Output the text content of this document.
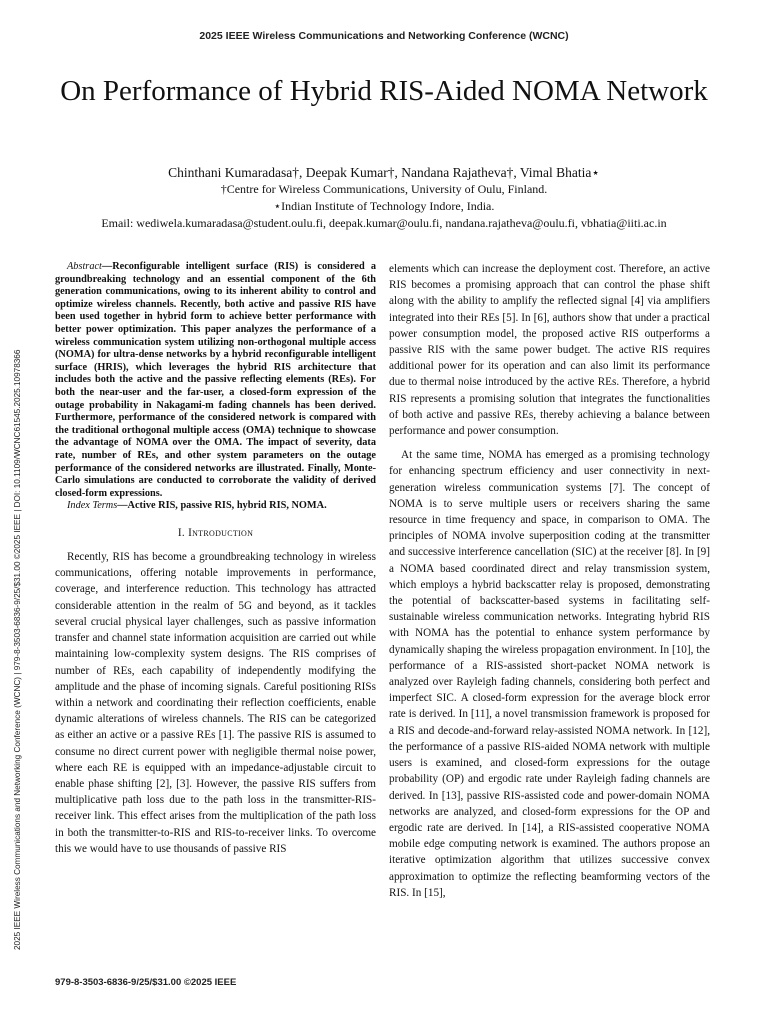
2025 IEEE Wireless Communications and Networking Conference (WCNC)
On Performance of Hybrid RIS-Aided NOMA Network
Chinthani Kumaradasa†, Deepak Kumar†, Nandana Rajatheva†, Vimal Bhatia⋆
†Centre for Wireless Communications, University of Oulu, Finland.
⋆Indian Institute of Technology Indore, India.
Email: wediwela.kumaradasa@student.oulu.fi, deepak.kumar@oulu.fi, nandana.rajatheva@oulu.fi, vbhatia@iiti.ac.in
2025 IEEE Wireless Communications and Networking Conference (WCNC) | 979-8-3503-6836-9/25/$31.00 ©2025 IEEE | DOI: 10.1109/WCNC61545.2025.10978366

Abstract—Reconfigurable intelligent surface (RIS) is considered a groundbreaking technology and an essential component of the 6th generation communications, owing to its inherent ability to control and optimize wireless channels. Recently, both active and passive RIS have been used together in hybrid form to achieve better performance with better power optimization. This paper analyzes the performance of a wireless communication system utilizing non-orthogonal multiple access (NOMA) for ultra-dense networks by a hybrid reconfigurable intelligent surface (HRIS), which leverages the hybrid RIS architecture that includes both the active and the passive reflecting elements (REs). For both the near-user and the far-user, a closed-form expression of the outage probability in Nakagami-m fading channels has been derived. Furthermore, performance of the considered network is compared with the traditional orthogonal multiple access (OMA) technique to showcase the advantage of NOMA over the OMA. The impact of severity, data rate, number of REs, and other system parameters on the outage performance of the considered networks are illustrated. Finally, Monte-Carlo simulations are conducted to corroborate the validity of derived closed-form expressions.

Index Terms—Active RIS, passive RIS, hybrid RIS, NOMA.

I. Introduction

Recently, RIS has become a groundbreaking technology in wireless communications, offering notable improvements in performance, coverage, and interference reduction. This technology has attracted considerable attention in the realm of 5G and beyond, as it tackles several crucial physical layer challenges, such as passive information transfer and channel state information acquisition are carried out while maintaining low-complexity system designs. The RIS comprises of number of REs, each capability of independently modifying the amplitude and the phase of incoming signals. Careful positioning RISs within a network and coordinating their reflection coefficients, enable dynamic alterations of wireless channels. The RIS can be categorized as either an active or a passive REs [1]. The passive RIS is assumed to consume no direct current power with negligible thermal noise power, where each RE is equipped with an impedance-adjustable circuit to enable phase shifting [2], [3]. However, the passive RIS suffers from multiplicative path loss due to the path loss in the transmitter-RIS-receiver link. This effect arises from the multiplication of the path loss in both the transmitter-to-RIS and RIS-to-receiver links. To overcome this we would have to use thousands of passive RIS

elements which can increase the deployment cost. Therefore, an active RIS becomes a promising approach that can control the phase shift along with the ability to amplify the reflected signal [4] via amplifiers integrated into their REs [5]. In [6], authors show that under a practical power consumption model, the proposed active RIS outperforms a passive RIS with the same power budget. The active RIS requires additional power for its operation and can also limit its performance due to thermal noise introduced by the active REs. Therefore, a hybrid RIS represents a promising solution that integrates the functionalities of both active and passive REs, thereby achieving a balance between performance and power consumption.

At the same time, NOMA has emerged as a promising technology for enhancing spectrum efficiency and user connectivity in next-generation wireless communication systems [7]. The concept of NOMA is to serve multiple users or receivers sharing the same resource in time frequency and space, in comparison to OMA. The principles of NOMA involve superposition coding at the transmitter and successive interference cancellation (SIC) at the receiver [8]. In [9] a NOMA based coordinated direct and relay transmission system, which employs a hybrid backscatter relay is proposed, demonstrating the potential of backscatter-based systems in facilitating self-sustainable wireless communication networks. Integrating hybrid RIS with NOMA has the potential to enhance system performance by dynamically shaping the wireless propagation environment. In [10], the performance of a RIS-assisted short-packet NOMA network is analyzed over Rayleigh fading channels, considering both perfect and imperfect SIC. A closed-form expression for the average block error rate is derived. In [11], a novel transmission framework is proposed for a RIS and decode-and-forward relay-assisted NOMA network. In [12], the performance of a passive RIS-aided NOMA network with multiple users is examined, and closed-form expressions for the outage probability (OP) and ergodic rate under Rayleigh fading channels are derived. In [13], passive RIS-assisted code and power-domain NOMA networks are analyzed, and closed-form expressions for the OP and ergodic rate are derived. In [14], a RIS-assisted cooperative NOMA mobile edge computing network is examined. The authors propose an iterative optimization algorithm that utilizes successive convex approximation to optimize the reflecting beamforming vectors of the RIS. In [15],

979-8-3503-6836-9/25/$31.00 ©2025 IEEE
